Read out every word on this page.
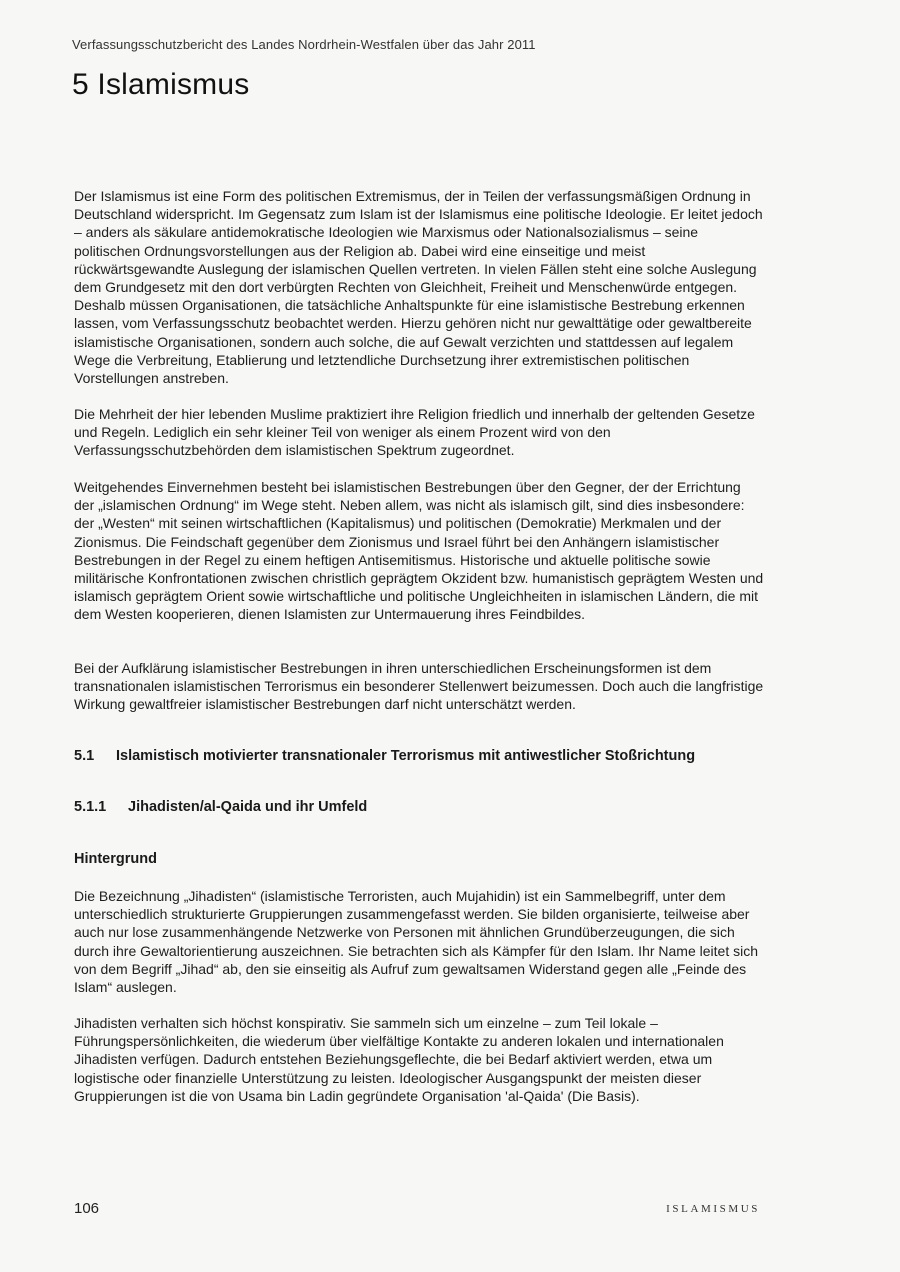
Verfassungsschutzbericht des Landes Nordrhein-Westfalen über das Jahr 2011
5 Islamismus

Der Islamismus ist eine Form des politischen Extremismus, der in Teilen der verfassungsmäßigen Ordnung in Deutschland widerspricht. Im Gegensatz zum Islam ist der Islamismus eine politische Ideologie. Er leitet jedoch – anders als säkulare antidemokratische Ideologien wie Marxismus oder Nationalsozialismus – seine politischen Ordnungsvorstellungen aus der Religion ab. Dabei wird eine einseitige und meist rückwärtsgewandte Auslegung der islamischen Quellen vertreten. In vielen Fällen steht eine solche Auslegung dem Grundgesetz mit den dort verbürgten Rechten von Gleichheit, Freiheit und Menschenwürde entgegen. Deshalb müssen Organisationen, die tatsächliche Anhaltspunkte für eine islamistische Bestrebung erkennen lassen, vom Verfassungsschutz beobachtet werden. Hierzu gehören nicht nur gewalttätige oder gewaltbereite islamistische Organisationen, sondern auch solche, die auf Gewalt verzichten und stattdessen auf legalem Wege die Verbreitung, Etablierung und letztendliche Durchsetzung ihrer extremistischen politischen Vorstellungen anstreben.

Die Mehrheit der hier lebenden Muslime praktiziert ihre Religion friedlich und innerhalb der geltenden Gesetze und Regeln. Lediglich ein sehr kleiner Teil von weniger als einem Prozent wird von den Verfassungsschutzbehörden dem islamistischen Spektrum zugeordnet.

Weitgehendes Einvernehmen besteht bei islamistischen Bestrebungen über den Gegner, der der Errichtung der „islamischen Ordnung“ im Wege steht. Neben allem, was nicht als islamisch gilt, sind dies insbesondere: der „Westen“ mit seinen wirtschaftlichen (Kapitalismus) und politischen (Demokratie) Merkmalen und der Zionismus. Die Feindschaft gegenüber dem Zionismus und Israel führt bei den Anhängern islamistischer Bestrebungen in der Regel zu einem heftigen Antisemitismus. Historische und aktuelle politische sowie militärische Konfrontationen zwischen christlich geprägtem Okzident bzw. humanistisch geprägtem Westen und islamisch geprägtem Orient sowie wirtschaftliche und politische Ungleichheiten in islamischen Ländern, die mit dem Westen kooperieren, dienen Islamisten zur Untermauerung ihres Feindbildes.

Bei der Aufklärung islamistischer Bestrebungen in ihren unterschiedlichen Erscheinungsformen ist dem transnationalen islamistischen Terrorismus ein besonderer Stellenwert beizumessen. Doch auch die langfristige Wirkung gewaltfreier islamistischer Bestrebungen darf nicht unterschätzt werden.

5.1 Islamistisch motivierter transnationaler Terrorismus mit antiwestlicher Stoßrichtung
5.1.1 Jihadisten/al-Qaida und ihr Umfeld
Hintergrund

Die Bezeichnung „Jihadisten“ (islamistische Terroristen, auch Mujahidin) ist ein Sammelbegriff, unter dem unterschiedlich strukturierte Gruppierungen zusammengefasst werden. Sie bilden organisierte, teilweise aber auch nur lose zusammenhängende Netzwerke von Personen mit ähnlichen Grundüberzeugungen, die sich durch ihre Gewaltorientierung auszeichnen. Sie betrachten sich als Kämpfer für den Islam. Ihr Name leitet sich von dem Begriff „Jihad“ ab, den sie einseitig als Aufruf zum gewaltsamen Widerstand gegen alle „Feinde des Islam“ auslegen.

Jihadisten verhalten sich höchst konspirativ. Sie sammeln sich um einzelne – zum Teil lokale – Führungspersönlichkeiten, die wiederum über vielfältige Kontakte zu anderen lokalen und internationalen Jihadisten verfügen. Dadurch entstehen Beziehungsgeflechte, die bei Bedarf aktiviert werden, etwa um logistische oder finanzielle Unterstützung zu leisten. Ideologischer Ausgangspunkt der meisten dieser Gruppierungen ist die von Usama bin Ladin gegründete Organisation 'al-Qaida' (Die Basis).

106	ISLAMISMUS
